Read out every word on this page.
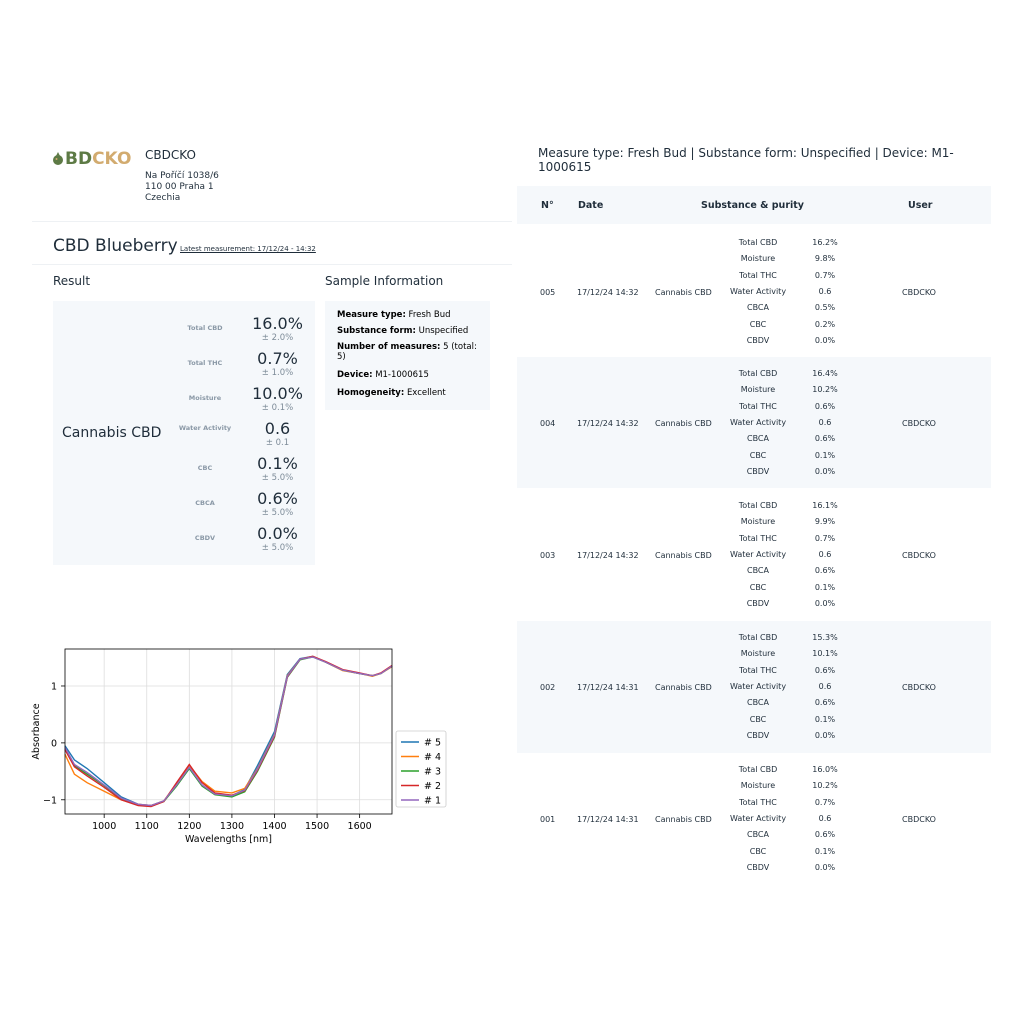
BD CKO CBDCKO
Na Poříčí 1038/6
110 00 Praha 1
Czechia
CBD Blueberry Latest measurement: 17/12/24 - 14:32
Result	Sample Information
Cannabis CBD
Total CBD	16.0%
± 2.0%
Total THC	0.7%
± 1.0%
Moisture	10.0%
± 0.1%
Water Activity	0.6
± 0.1
CBC	0.1%
± 5.0%
CBCA	0.6%
± 5.0%
CBDV	0.0%
± 5.0%
Measure type: Fresh Bud
Substance form: Unspecified
Number of measures: 5 (total: 5)
Device: M1-1000615
Homogeneity: Excellent
1000 1100 1200 1300 1400 1500 1600
−1
0
1
Wavelengths [nm]
Absorbance	# 5
# 4
# 3
# 2
# 1
Measure type: Fresh Bud | Substance form: Unspecified | Device: M1-1000615
N°	Date	Substance & purity	User
005	17/12/24 14:32 Cannabis CBD	CBDCKO
Total CBD	16.2%
Moisture	9.8%
Total THC	0.7%
Water Activity	0.6
CBCA	0.5%
CBC	0.2%
CBDV	0.0%
004	17/12/24 14:32 Cannabis CBD	CBDCKO
Total CBD	16.4%
Moisture	10.2%
Total THC	0.6%
Water Activity	0.6
CBCA	0.6%
CBC	0.1%
CBDV	0.0%
003	17/12/24 14:32 Cannabis CBD	CBDCKO
Total CBD	16.1%
Moisture	9.9%
Total THC	0.7%
Water Activity	0.6
CBCA	0.6%
CBC	0.1%
CBDV	0.0%
002	17/12/24 14:31 Cannabis CBD	CBDCKO
Total CBD	15.3%
Moisture	10.1%
Total THC	0.6%
Water Activity	0.6
CBCA	0.6%
CBC	0.1%
CBDV	0.0%
001	17/12/24 14:31 Cannabis CBD	CBDCKO
Total CBD	16.0%
Moisture	10.2%
Total THC	0.7%
Water Activity	0.6
CBCA	0.6%
CBC	0.1%
CBDV	0.0%
